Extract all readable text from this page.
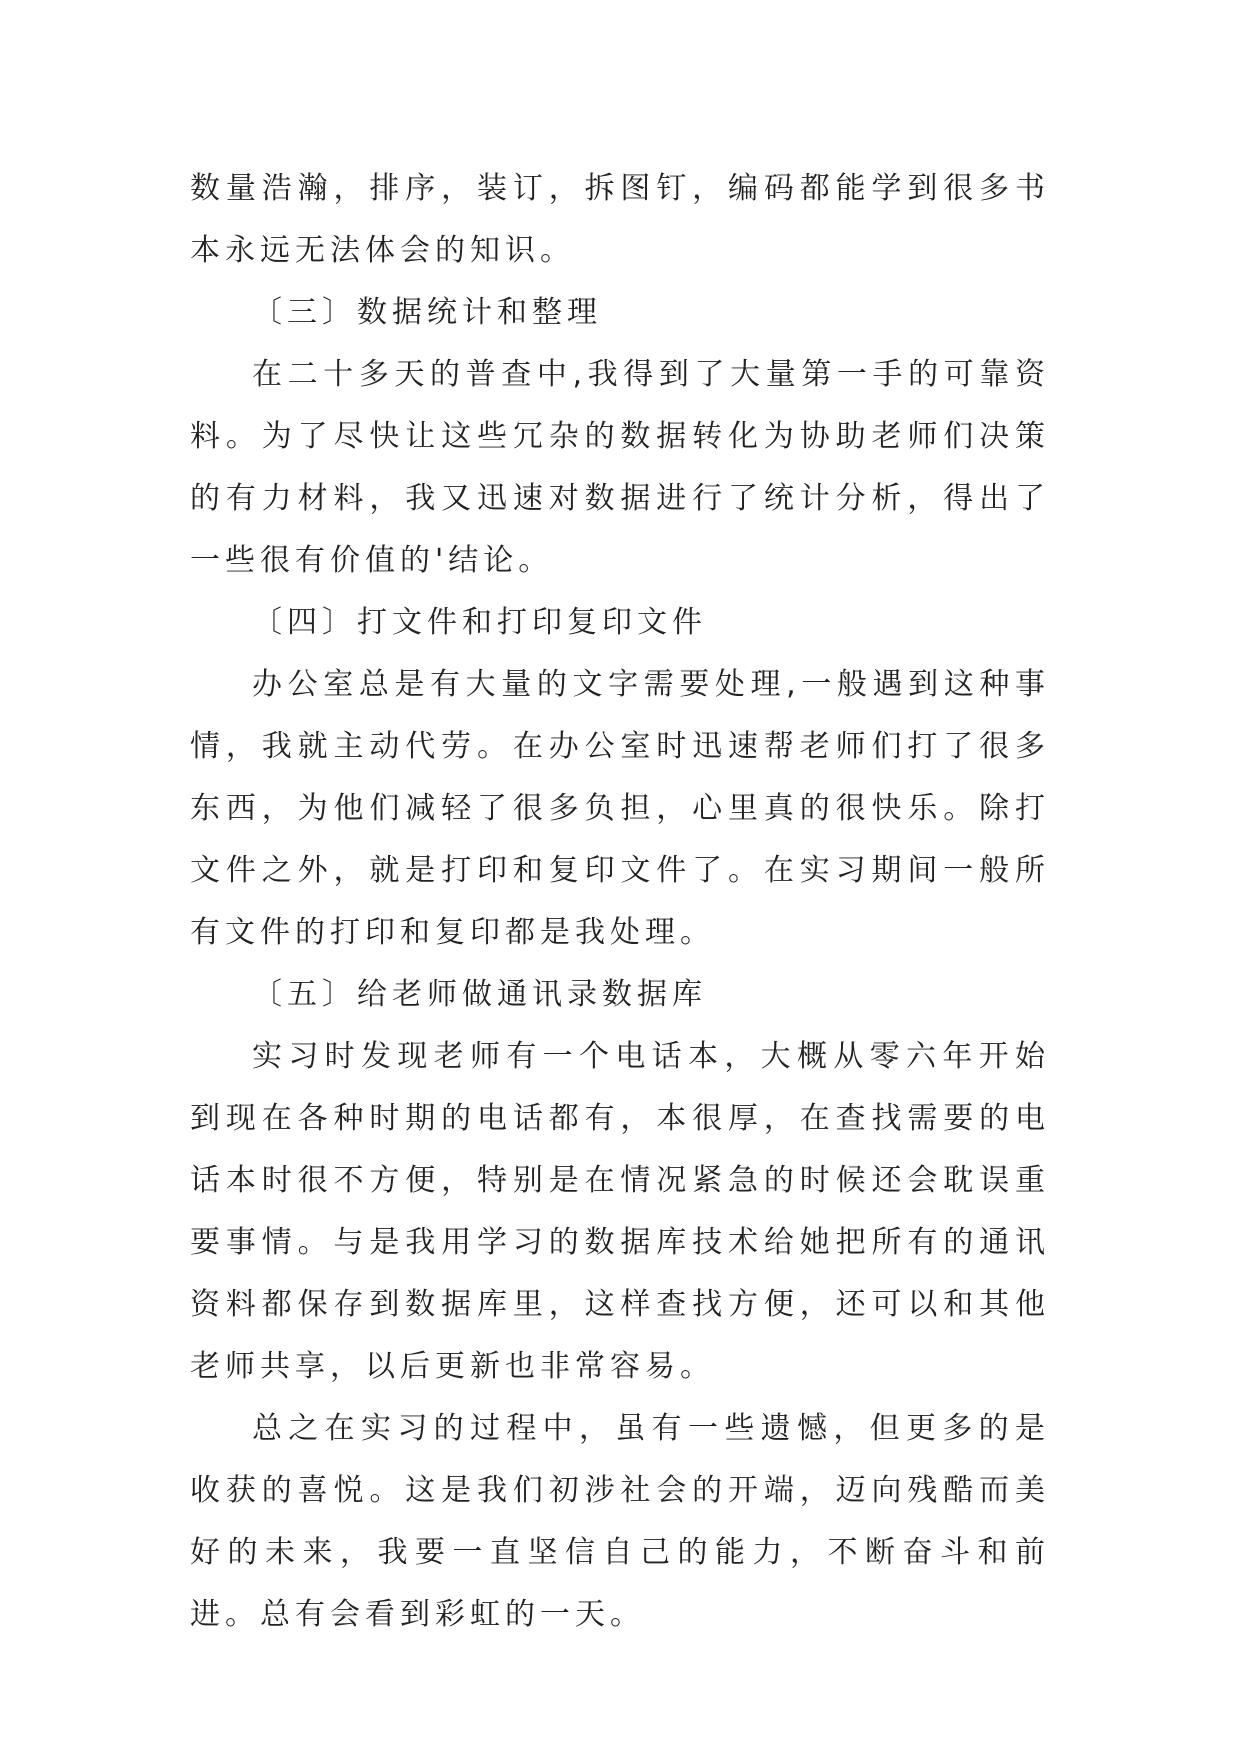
数量浩瀚，排序，装订，拆图钉，编码都能学到很多书本永远无法体会的知识。

〔三〕数据统计和整理

在二十多天的普查中,我得到了大量第一手的可靠资料。为了尽快让这些冗杂的数据转化为协助老师们决策的有力材料，我又迅速对数据进行了统计分析，得出了一些很有价值的'结论。

〔四〕打文件和打印复印文件

办公室总是有大量的文字需要处理,一般遇到这种事情，我就主动代劳。在办公室时迅速帮老师们打了很多东西，为他们减轻了很多负担，心里真的很快乐。除打文件之外，就是打印和复印文件了。在实习期间一般所有文件的打印和复印都是我处理。

〔五〕给老师做通讯录数据库

实习时发现老师有一个电话本，大概从零六年开始到现在各种时期的电话都有，本很厚，在查找需要的电话本时很不方便，特别是在情况紧急的时候还会耽误重要事情。与是我用学习的数据库技术给她把所有的通讯资料都保存到数据库里，这样查找方便，还可以和其他老师共享，以后更新也非常容易。

总之在实习的过程中，虽有一些遗憾，但更多的是收获的喜悦。这是我们初涉社会的开端，迈向残酷而美好的未来，我要一直坚信自己的能力，不断奋斗和前进。总有会看到彩虹的一天。
